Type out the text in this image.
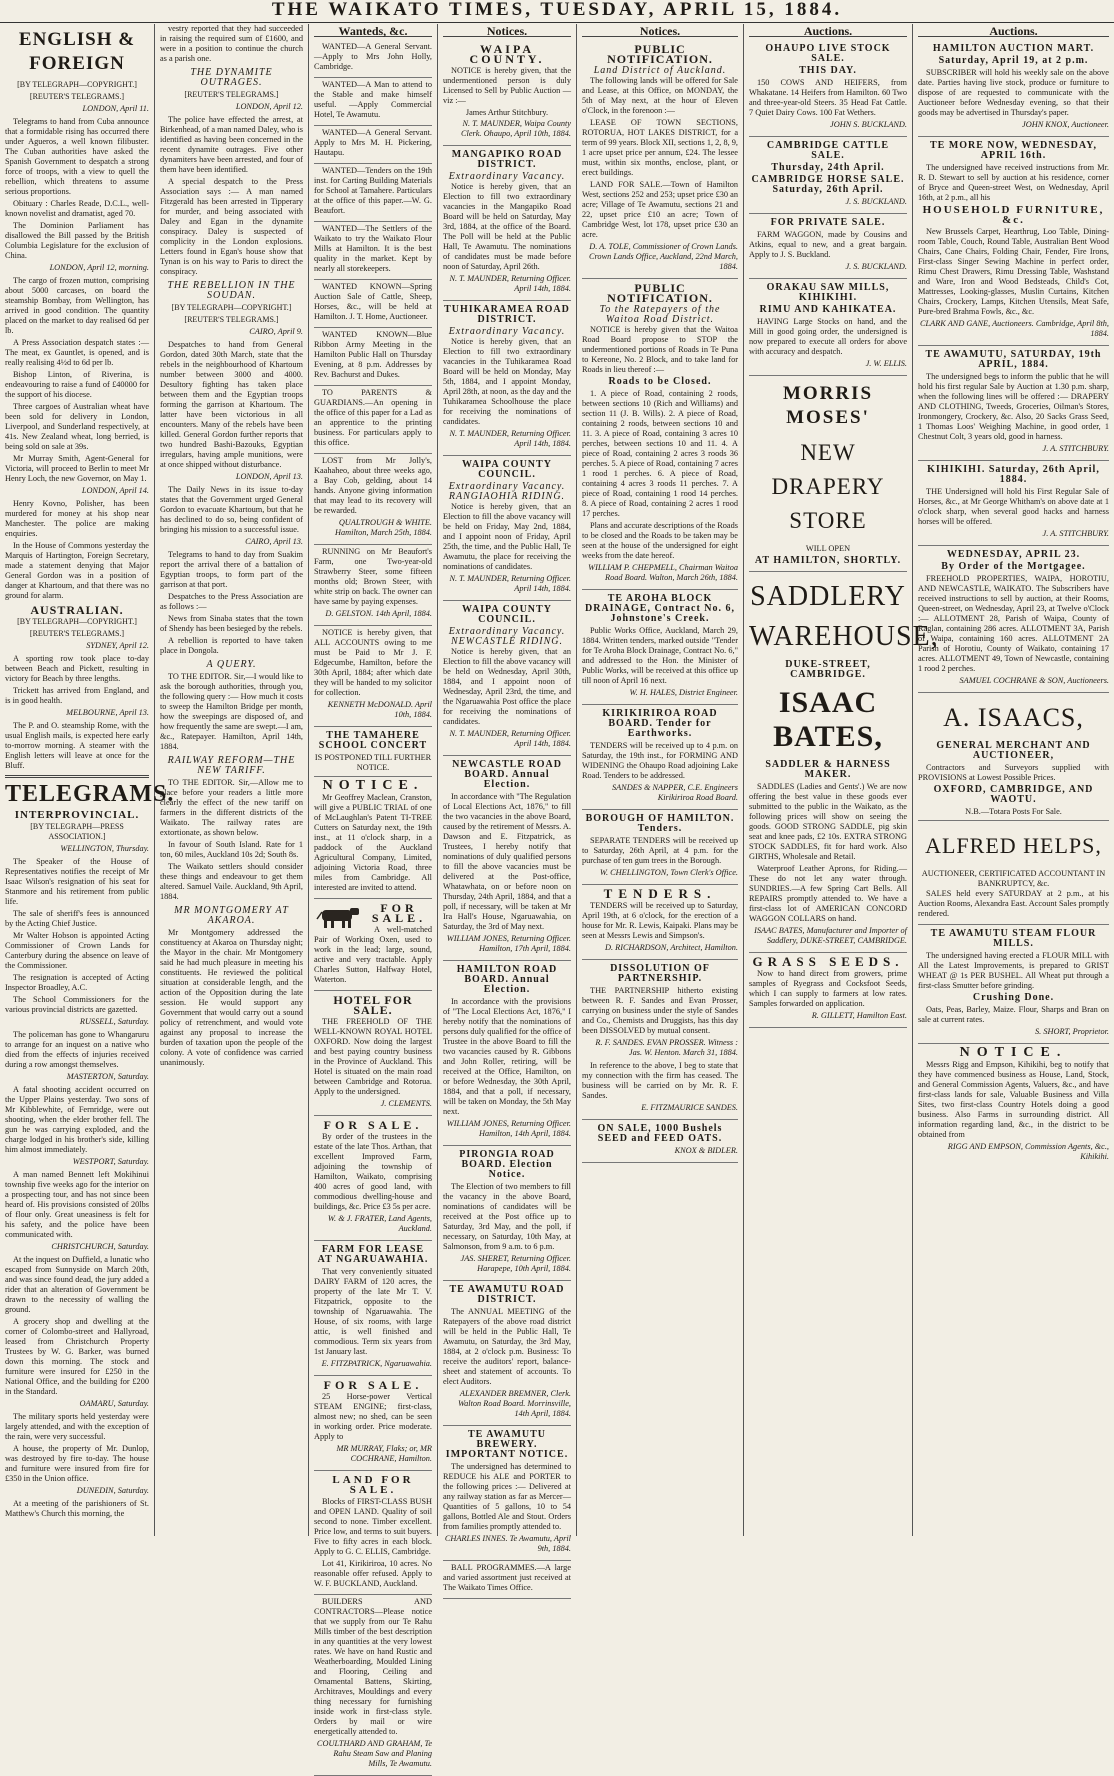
THE WAIKATO TIMES, TUESDAY, APRIL 15, 1884.
ENGLISH & FOREIGN
[BY TELEGRAPH—COPYRIGHT.]
[REUTER'S TELEGRAMS.]
LONDON, April 11.

Telegrams to hand from Cuba announce that a formidable rising has occurred there under Agueros, a well known filibuster. The Cuban authorities have asked the Spanish Government to despatch a strong force of troops, with a view to quell the rebellion, which threatens to assume serious proportions.

Obituary : Charles Reade, D.C.L., well-known novelist and dramatist, aged 70.

The Dominion Parliament has disallowed the Bill passed by the British Columbia Legislature for the exclusion of China.

LONDON, April 12, morning.

The cargo of frozen mutton, comprising about 5000 carcases, on board the steamship Bombay, from Wellington, has arrived in good condition. The quantity placed on the market to day realised 6d per lb.

A Press Association despatch states :— The meat, ex Gauntlet, is opened, and is really realising 4½d to 6d per lb.

Bishop Linton, of Riverina, is endeavouring to raise a fund of £40000 for the support of his diocese.

Three cargoes of Australian wheat have been sold for delivery in London, Liverpool, and Sunderland respectively, at 41s. New Zealand wheat, long berried, is being sold on sale at 39s.

Mr Murray Smith, Agent-General for Victoria, will proceed to Berlin to meet Mr Henry Loch, the new Governor, on May 1.

LONDON, April 14.

Henry Kovno, Polisher, has been murdered for money at his shop near Manchester. The police are making enquiries.

In the House of Commons yesterday the Marquis of Hartington, Foreign Secretary, made a statement denying that Major General Gordon was in a position of danger at Khartoum, and that there was no ground for alarm.

AUSTRALIAN.
[BY TELEGRAPH—COPYRIGHT.]
[REUTER'S TELEGRAMS.]
SYDNEY, April 12.

A sporting row took place to-day between Beach and Pickett, resulting in victory for Beach by three lengths.

Trickett has arrived from England, and is in good health.

MELBOURNE, April 13.

The P. and O. steamship Rome, with the usual English mails, is expected here early to-morrow morning. A steamer with the English letters will leave at once for the Bluff.

TELEGRAMS.
INTERPROVINCIAL.
[BY TELEGRAPH—PRESS ASSOCIATION.]
WELLINGTON, Thursday.

The Speaker of the House of Representatives notifies the receipt of Mr Isaac Wilson's resignation of his seat for Stanmore and his retirement from public life.

The sale of sheriff's fees is announced by the Acting Chief Justice.

Mr Walter Hobson is appointed Acting Commissioner of Crown Lands for Canterbury during the absence on leave of the Commissioner.

The resignation is accepted of Acting Inspector Broadley, A.C.

The School Commissioners for the various provincial districts are gazetted.

RUSSELL, Saturday.

The policeman has gone to Whangaruru to arrange for an inquest on a native who died from the effects of injuries received during a row amongst themselves.

MASTERTON, Saturday.

A fatal shooting accident occurred on the Upper Plains yesterday. Two sons of Mr Kibblewhite, of Fernridge, were out shooting, when the elder brother fell. The gun he was carrying exploded, and the charge lodged in his brother's side, killing him almost immediately.

WESTPORT, Saturday.

A man named Bennett left Mokihinui township five weeks ago for the interior on a prospecting tour, and has not since been heard of. His provisions consisted of 20lbs of flour only. Great uneasiness is felt for his safety, and the police have been communicated with.

CHRISTCHURCH, Saturday.

At the inquest on Duffield, a lunatic who escaped from Sunnyside on March 20th, and was since found dead, the jury added a rider that an alteration of Government be drawn to the necessity of walling the ground.

A grocery shop and dwelling at the corner of Colombo-street and Hallyroad, leased from Christchurch Property Trustees by W. G. Barker, was burned down this morning. The stock and furniture were insured for £250 in the National Office, and the building for £200 in the Standard.

OAMARU, Saturday.

The military sports held yesterday were largely attended, and with the exception of the rain, were very successful.

A house, the property of Mr. Dunlop, was destroyed by fire to-day. The house and furniture were insured from fire for £350 in the Union office.

DUNEDIN, Saturday.

At a meeting of the parishioners of St. Matthew's Church this morning, the

vestry reported that they had succeeded in raising the required sum of £1600, and were in a position to continue the church as a parish one.

THE DYNAMITE OUTRAGES.
[REUTER'S TELEGRAMS.]
LONDON, April 12.

The police have effected the arrest, at Birkenhead, of a man named Daley, who is identified as having been concerned in the recent dynamite outrages. Five other dynamiters have been arrested, and four of them have been identified.

A special despatch to the Press Association says :— A man named Fitzgerald has been arrested in Tipperary for murder, and being associated with Daley and Egan in the dynamite conspiracy. Daley is suspected of complicity in the London explosions. Letters found in Egan's house show that Tynan is on his way to Paris to direct the conspiracy.

THE REBELLION IN THE SOUDAN.
[BY TELEGRAPH—COPYRIGHT.]
[REUTER'S TELEGRAMS.]
CAIRO, April 9.

Despatches to hand from General Gordon, dated 30th March, state that the rebels in the neighbourhood of Khartoum number between 3000 and 4000. Desultory fighting has taken place between them and the Egyptian troops forming the garrison at Khartoum. The latter have been victorious in all encounters. Many of the rebels have been killed. General Gordon further reports that two hundred Bashi-Bazouks, Egyptian irregulars, having ample munitions, were at once shipped without disturbance.

LONDON, April 13.

The Daily News in its issue to-day states that the Government urged General Gordon to evacuate Khartoum, but that he has declined to do so, being confident of bringing his mission to a successful issue.

CAIRO, April 13.

Telegrams to hand to day from Suakim report the arrival there of a battalion of Egyptian troops, to form part of the garrison at that port.

Despatches to the Press Association are as follows :—

News from Sinaba states that the town of Shendy has been besieged by the rebels.

A rebellion is reported to have taken place in Dongola.

A QUERY.

TO THE EDITOR. Sir,—I would like to ask the borough authorities, through you, the following query :— How much it costs to sweep the Hamilton Bridge per month, how the sweepings are disposed of, and how frequently the same are swept.—I am, &c., Ratepayer. Hamilton, April 14th, 1884.

RAILWAY REFORM—THE NEW TARIFF.

TO THE EDITOR. Sir,—Allow me to place before your readers a little more clearly the effect of the new tariff on farmers in the different districts of the Waikato. The railway rates are extortionate, as shown below.

In favour of South Island. Rate for 1 ton, 60 miles, Auckland 10s 2d; South 8s.

The Waikato settlers should consider these things and endeavour to get them altered. Samuel Vaile. Auckland, 9th April, 1884.

MR MONTGOMERY AT AKAROA.

Mr Montgomery addressed the constituency at Akaroa on Thursday night; the Mayor in the chair. Mr Montgomery said he had much pleasure in meeting his constituents. He reviewed the political situation at considerable length, and the action of the Opposition during the late session. He would support any Government that would carry out a sound policy of retrenchment, and would vote against any proposal to increase the burden of taxation upon the people of the colony. A vote of confidence was carried unanimously.

Wanteds, &c.

WANTED—A General Servant.—Apply to Mrs John Holly, Cambridge.

WANTED—A Man to attend to the Stable and make himself useful. —Apply Commercial Hotel, Te Awamutu.

WANTED—A General Servant. Apply to Mrs M. H. Pickering, Hautapu.

WANTED—Tenders on the 19th inst. for Carting Building Materials for School at Tamahere. Particulars at the office of this paper.—W. G. Beaufort.

WANTED—The Settlers of the Waikato to try the Waikato Flour Mills at Hamilton. It is the best quality in the market. Kept by nearly all storekeepers.

WANTED KNOWN—Spring Auction Sale of Cattle, Sheep, Horses, &c., will be held at Hamilton. J. T. Home, Auctioneer.

WANTED KNOWN—Blue Ribbon Army Meeting in the Hamilton Public Hall on Thursday Evening, at 8 p.m. Addresses by Rev. Bachurst and Dukes.

TO PARENTS & GUARDIANS.—An opening in the office of this paper for a Lad as an apprentice to the printing business. For particulars apply to this office.

LOST from Mr Jolly's, Kaahaheo, about three weeks ago, a Bay Cob, gelding, about 14 hands. Anyone giving information that may lead to its recovery will be rewarded.

QUALTROUGH & WHITE. Hamilton, March 25th, 1884.

RUNNING on Mr Beaufort's Farm, one Two-year-old Strawberry Steer, some fifteen months old; Brown Steer, with white strip on back. The owner can have same by paying expenses.

D. GELSTON. 14th April, 1884.

NOTICE is hereby given, that ALL ACCOUNTS owing to me must be Paid to Mr J. F. Edgecumbe, Hamilton, before the 30th April, 1884; after which date they will be handed to my solicitor for collection.

KENNETH McDONALD. April 10th, 1884.
THE TAMAHERE SCHOOL CONCERT
IS POSTPONED TILL FURTHER NOTICE.
NOTICE.

Mr Geoffrey Maclean, Cranston, will give a PUBLIC TRIAL of one of McLaughlan's Patent TI-TREE Cutters on Saturday next, the 19th inst., at 11 o'clock sharp, in a paddock of the Auckland Agricultural Company, Limited, adjoining Victoria Road, three miles from Cambridge. All interested are invited to attend.

FOR SALE.

A well-matched Pair of Working Oxen, used to work in the lead; large, sound, active and very tractable. Apply Charles Sutton, Halfway Hotel, Waterton.

HOTEL FOR SALE.

THE FREEHOLD OF THE WELL-KNOWN ROYAL HOTEL OXFORD. Now doing the largest and best paying country business in the Province of Auckland. This Hotel is situated on the main road between Cambridge and Rotorua. Apply to the undersigned.

J. CLEMENTS.
FOR SALE.

By order of the trustees in the estate of the late Thos. Arthan, that excellent Improved Farm, adjoining the township of Hamilton, Waikato, comprising 400 acres of good land, with commodious dwelling-house and buildings, &c. Price £3 5s per acre.

W. & J. FRATER, Land Agents, Auckland.
FARM FOR LEASE AT NGARUAWAHIA.

That very conveniently situated DAIRY FARM of 120 acres, the property of the late Mr T. V. Fitzpatrick, opposite to the township of Ngaruawahia. The House, of six rooms, with large attic, is well finished and commodious. Term six years from 1st January last.

E. FITZPATRICK, Ngaruawahia.
FOR SALE.

25 Horse-power Vertical STEAM ENGINE; first-class, almost new; no shed, can be seen in working order. Price moderate. Apply to

MR MURRAY, Flaks; or, MR COCHRANE, Hamilton.
LAND FOR SALE.

Blocks of FIRST-CLASS BUSH and OPEN LAND. Quality of soil second to none. Timber excellent. Price low, and terms to suit buyers. Five to fifty acres in each block. Apply to G. C. ELLIS, Cambridge.

Lot 41, Kirikiriroa, 10 acres. No reasonable offer refused. Apply to W. F. BUCKLAND, Auckland.

BUILDERS AND CONTRACTORS—Please notice that we supply from our Te Rahu Mills timber of the best description in any quantities at the very lowest rates. We have on hand Rustic and Weatherboarding, Moulded Lining and Flooring, Ceiling and Ornamental Battens, Skirting, Architraves, Mouldings and every thing necessary for furnishing inside work in first-class style. Orders by mail or wire energetically attended to.

COULTHARD AND GRAHAM, Te Rahu Steam Saw and Planing Mills, Te Awamutu.
Notices.
WAIPA COUNTY.

NOTICE is hereby given, that the undermentioned person is duly Licensed to Sell by Public Auction — viz :—

James Arthur Stitchbury.
N. T. MAUNDER, Waipa County Clerk. Ohaupo, April 10th, 1884.
MANGAPIKO ROAD DISTRICT.
Extraordinary Vacancy.

Notice is hereby given, that an Election to fill two extraordinary vacancies in the Mangapiko Road Board will be held on Saturday, May 3rd, 1884, at the office of the Board. The Poll will be held at the Public Hall, Te Awamutu. The nominations of candidates must be made before noon of Saturday, April 26th.

N. T. MAUNDER, Returning Officer. April 14th, 1884.
TUHIKARAMEA ROAD DISTRICT.
Extraordinary Vacancy.

Notice is hereby given, that an Election to fill two extraordinary vacancies in the Tuhikaramea Road Board will be held on Monday, May 5th, 1884, and I appoint Monday, April 28th, at noon, as the day and the Tuhikaramea Schoolhouse the place for receiving the nominations of candidates.

N. T. MAUNDER, Returning Officer. April 14th, 1884.
WAIPA COUNTY COUNCIL.
Extraordinary Vacancy. RANGIAOHIA RIDING.

Notice is hereby given, that an Election to fill the above vacancy will be held on Friday, May 2nd, 1884, and I appoint noon of Friday, April 25th, the time, and the Public Hall, Te Awamutu, the place for receiving the nominations of candidates.

N. T. MAUNDER, Returning Officer. April 14th, 1884.
WAIPA COUNTY COUNCIL.
Extraordinary Vacancy. NEWCASTLE RIDING.

Notice is hereby given, that an Election to fill the above vacancy will be held on Wednesday, April 30th, 1884, and I appoint noon of Wednesday, April 23rd, the time, and the Ngaruawahia Post office the place for receiving the nominations of candidates.

N. T. MAUNDER, Returning Officer. April 14th, 1884.
NEWCASTLE ROAD BOARD. Annual Election.

In accordance with "The Regulation of Local Elections Act, 1876," to fill the two vacancies in the above Board, caused by the retirement of Messrs. A. Dawson and E. Fitzpatrick, as Trustees, I hereby notify that nominations of duly qualified persons to fill the above vacancies must be delivered at the Post-office, Whatawhata, on or before noon on Thursday, 24th April, 1884, and that a poll, if necessary, will be taken at Mr Ira Hall's House, Ngaruawahia, on Saturday, the 3rd of May next.

WILLIAM JONES, Returning Officer. Hamilton, 17th April, 1884.
HAMILTON ROAD BOARD. Annual Election.

In accordance with the provisions of "The Local Elections Act, 1876," I hereby notify that the nominations of persons duly qualified for the office of Trustee in the above Board to fill the two vacancies caused by R. Gibbons and John Roller, retiring, will be received at the Office, Hamilton, on or before Wednesday, the 30th April, 1884, and that a poll, if necessary, will be taken on Monday, the 5th May next.

WILLIAM JONES, Returning Officer. Hamilton, 14th April, 1884.
PIRONGIA ROAD BOARD. Election Notice.

The Election of two members to fill the vacancy in the above Board, nominations of candidates will be received at the Post office up to Saturday, 3rd May, and the poll, if necessary, on Saturday, 10th May, at Salmonson, from 9 a.m. to 6 p.m.

JAS. SHERET, Returning Officer. Harapepe, 10th April, 1884.
TE AWAMUTU ROAD DISTRICT.

The ANNUAL MEETING of the Ratepayers of the above road district will be held in the Public Hall, Te Awamutu, on Saturday, the 3rd May, 1884, at 2 o'clock p.m. Business: To receive the auditors' report, balance-sheet and statement of accounts. To elect Auditors.

ALEXANDER BREMNER, Clerk. Walton Road Board. Morrinsville, 14th April, 1884.
TE AWAMUTU BREWERY. IMPORTANT NOTICE.

The undersigned has determined to REDUCE his ALE and PORTER to the following prices :— Delivered at any railway station as far as Mercer— Quantities of 5 gallons, 10 to 54 gallons, Bottled Ale and Stout. Orders from families promptly attended to.

CHARLES INNES. Te Awamutu, April 9th, 1884.

BALL PROGRAMMES.—A large and varied assortment just received at The Waikato Times Office.

Notices.
PUBLIC NOTIFICATION.
Land District of Auckland.

The following lands will be offered for Sale and Lease, at this Office, on MONDAY, the 5th of May next, at the hour of Eleven o'Clock, in the forenoon :—

LEASE OF TOWN SECTIONS, ROTORUA, HOT LAKES DISTRICT, for a term of 99 years. Block XII, sections 1, 2, 8, 9, 1 acre upset price per annum, £24. The lessee must, within six months, enclose, plant, or erect buildings.

LAND FOR SALE.—Town of Hamilton West, sections 252 and 253; upset price £30 an acre; Village of Te Awamutu, sections 21 and 22, upset price £10 an acre; Town of Cambridge West, lot 178, upset price £30 an acre.

D. A. TOLE, Commissioner of Crown Lands. Crown Lands Office, Auckland, 22nd March, 1884.
PUBLIC NOTIFICATION.
To the Ratepayers of the Waitoa Road District.

NOTICE is hereby given that the Waitoa Road Board propose to STOP the undermentioned portions of Roads in Te Puna to Kereone, No. 2 Block, and to take land for Roads in lieu thereof :—

Roads to be Closed.

1. A piece of Road, containing 2 roods, between sections 10 (Rich and Williams) and section 11 (J. B. Wills). 2. A piece of Road, containing 2 roods, between sections 10 and 11. 3. A piece of Road, containing 3 acres 10 perches, between sections 10 and 11. 4. A piece of Road, containing 2 acres 3 roods 36 perches. 5. A piece of Road, containing 7 acres 1 rood 1 perches. 6. A piece of Road, containing 4 acres 3 roods 11 perches. 7. A piece of Road, containing 1 rood 14 perches. 8. A piece of Road, containing 2 acres 1 rood 17 perches.

Plans and accurate descriptions of the Roads to be closed and the Roads to be taken may be seen at the house of the undersigned for eight weeks from the date hereof.

WILLIAM P. CHEPMELL, Chairman Waitoa Road Board. Walton, March 26th, 1884.
TE AROHA BLOCK DRAINAGE, Contract No. 6, Johnstone's Creek.

Public Works Office, Auckland, March 29, 1884. Written tenders, marked outside "Tender for Te Aroha Block Drainage, Contract No. 6," and addressed to the Hon. the Minister of Public Works, will be received at this office up till noon of April 16 next.

W. H. HALES, District Engineer.
KIRIKIRIROA ROAD BOARD. Tender for Earthworks.

TENDERS will be received up to 4 p.m. on Saturday, the 19th inst., for FORMING AND WIDENING the Ohaupo Road adjoining Lake Road. Tenders to be addressed.

SANDES & NAPPER, C.E. Engineers Kirikiriroa Road Board.
BOROUGH OF HAMILTON. Tenders.

SEPARATE TENDERS will be received up to Saturday, 26th April, at 4 p.m. for the purchase of ten gum trees in the Borough.

W. CHELLINGTON, Town Clerk's Office.
TENDERS.

TENDERS will be received up to Saturday, April 19th, at 6 o'clock, for the erection of a house for Mr. R. Lewis, Kaipaki. Plans may be seen at Messrs Lewis and Simpson's.

D. RICHARDSON, Architect, Hamilton.
DISSOLUTION OF PARTNERSHIP.

THE PARTNERSHIP hitherto existing between R. F. Sandes and Evan Prosser, carrying on business under the style of Sandes and Co., Chemists and Druggists, has this day been DISSOLVED by mutual consent.

R. F. SANDES. EVAN PROSSER. Witness : Jas. W. Henton. March 31, 1884.

In reference to the above, I beg to state that my connection with the firm has ceased. The business will be carried on by Mr. R. F. Sandes.

E. FITZMAURICE SANDES.
ON SALE, 1000 Bushels SEED and FEED OATS.
KNOX & BIDLER.
Auctions.
OHAUPO LIVE STOCK SALE.
THIS DAY.

150 COWS AND HEIFERS, from Whakatane. 14 Heifers from Hamilton. 60 Two and three-year-old Steers. 35 Head Fat Cattle. 7 Quiet Dairy Cows. 100 Fat Wethers.

JOHN S. BUCKLAND.
CAMBRIDGE CATTLE SALE.
Thursday, 24th April.
CAMBRIDGE HORSE SALE. Saturday, 26th April.
J. S. BUCKLAND.
FOR PRIVATE SALE.

FARM WAGGON, made by Cousins and Atkins, equal to new, and a great bargain. Apply to J. S. Buckland.

J. S. BUCKLAND.
ORAKAU SAW MILLS, KIHIKIHI.
RIMU AND KAHIKATEA.

HAVING Large Stocks on hand, and the Mill in good going order, the undersigned is now prepared to execute all orders for above with accuracy and despatch.

J. W. ELLIS.
MORRIS MOSES'
NEW DRAPERY STORE
WILL OPEN
AT HAMILTON, SHORTLY.
SADDLERY
WAREHOUSE,
DUKE-STREET, CAMBRIDGE.
ISAAC BATES,
SADDLER & HARNESS MAKER.

SADDLES (Ladies and Gents'.) We are now offering the best value in these goods ever submitted to the public in the Waikato, as the following prices will show on seeing the goods. GOOD STRONG SADDLE, pig skin seat and knee pads, £2 10s. EXTRA STRONG STOCK SADDLES, fit for hard work. Also GIRTHS, Wholesale and Retail.

Waterproof Leather Aprons, for Riding.—These do not let any water through. SUNDRIES.—A few Spring Cart Bells. All REPAIRS promptly attended to. We have a first-class lot of AMERICAN CONCORD WAGGON COLLARS on hand.

ISAAC BATES, Manufacturer and Importer of Saddlery, DUKE-STREET, CAMBRIDGE.
GRASS SEEDS.

Now to hand direct from growers, prime samples of Ryegrass and Cocksfoot Seeds, which I can supply to farmers at low rates. Samples forwarded on application.

R. GILLETT, Hamilton East.
Auctions.
HAMILTON AUCTION MART.
Saturday, April 19, at 2 p.m.

SUBSCRIBER will hold his weekly sale on the above date. Parties having live stock, produce or furniture to dispose of are requested to communicate with the Auctioneer before Wednesday evening, so that their goods may be advertised in Thursday's paper.

JOHN KNOX, Auctioneer.
TE MORE NOW, WEDNESDAY, APRIL 16th.

The undersigned have received instructions from Mr. R. D. Stewart to sell by auction at his residence, corner of Bryce and Queen-street West, on Wednesday, April 16th, at 2 p.m., all his

HOUSEHOLD FURNITURE, &c.

New Brussels Carpet, Hearthrug, Loo Table, Dining-room Table, Couch, Round Table, Australian Bent Wood Chairs, Cane Chairs, Folding Chair, Fender, Fire Irons, First-class Singer Sewing Machine in perfect order, Rimu Chest Drawers, Rimu Dressing Table, Washstand and Ware, Iron and Wood Bedsteads, Child's Cot, Mattresses, Looking-glasses, Muslin Curtains, Kitchen Chairs, Crockery, Lamps, Kitchen Utensils, Meat Safe, Pure-bred Brahma Fowls, &c., &c.

CLARK AND GANE, Auctioneers. Cambridge, April 8th, 1884.
TE AWAMUTU, SATURDAY, 19th APRIL, 1884.

The undersigned begs to inform the public that he will hold his first regular Sale by Auction at 1.30 p.m. sharp, when the following lines will be offered :— DRAPERY AND CLOTHING, Tweeds, Groceries, Oilman's Stores, Ironmongery, Crockery, &c. Also, 20 Sacks Grass Seed, 1 Thomas Loos' Weighing Machine, in good order, 1 Chestnut Colt, 3 years old, good in harness.

J. A. STITCHBURY.
KIHIKIHI. Saturday, 26th April, 1884.

THE Undersigned will hold his First Regular Sale of Horses, &c., at Mr George Whitham's on above date at 1 o'clock sharp, when several good hacks and harness horses will be offered.

J. A. STITCHBURY.
WEDNESDAY, APRIL 23.
By Order of the Mortgagee.

FREEHOLD PROPERTIES, WAIPA, HOROTIU, AND NEWCASTLE, WAIKATO. The Subscribers have received instructions to sell by auction, at their Rooms, Queen-street, on Wednesday, April 23, at Twelve o'Clock :— ALLOTMENT 28, Parish of Waipa, County of Raglan, containing 286 acres. ALLOTMENT 3A, Parish of Waipa, containing 160 acres. ALLOTMENT 2A Parish of Horotiu, County of Waikato, containing 17 acres. ALLOTMENT 49, Town of Newcastle, containing 1 rood 2 perches.

SAMUEL COCHRANE & SON, Auctioneers.
A. ISAACS,
GENERAL MERCHANT AND AUCTIONEER,

Contractors and Surveyors supplied with PROVISIONS at Lowest Possible Prices.

OXFORD, CAMBRIDGE, AND WAOTU.
N.B.—Totara Posts For Sale.
ALFRED HELPS,
AUCTIONEER, CERTIFICATED ACCOUNTANT IN BANKRUPTCY, &c.

SALES held every SATURDAY at 2 p.m., at his Auction Rooms, Alexandra East. Account Sales promptly rendered.

TE AWAMUTU STEAM FLOUR MILLS.

The undersigned having erected a FLOUR MILL with All the Latest Improvements, is prepared to GRIST WHEAT @ 1s PER BUSHEL. All Wheat put through a first-class Smutter before grinding.

Crushing Done.

Oats, Peas, Barley, Maize. Flour, Sharps and Bran on sale at current rates.

S. SHORT, Proprietor.
NOTICE.

Messrs Rigg and Empson, Kihikihi, beg to notify that they have commenced business as House, Land, Stock, and General Commission Agents, Valuers, &c., and have first-class lands for sale, Valuable Business and Villa Sites, two first-class Country Hotels doing a good business. Also Farms in surrounding district. All information regarding land, &c., in the district to be obtained from

RIGG AND EMPSON, Commission Agents, &c., Kihikihi.
